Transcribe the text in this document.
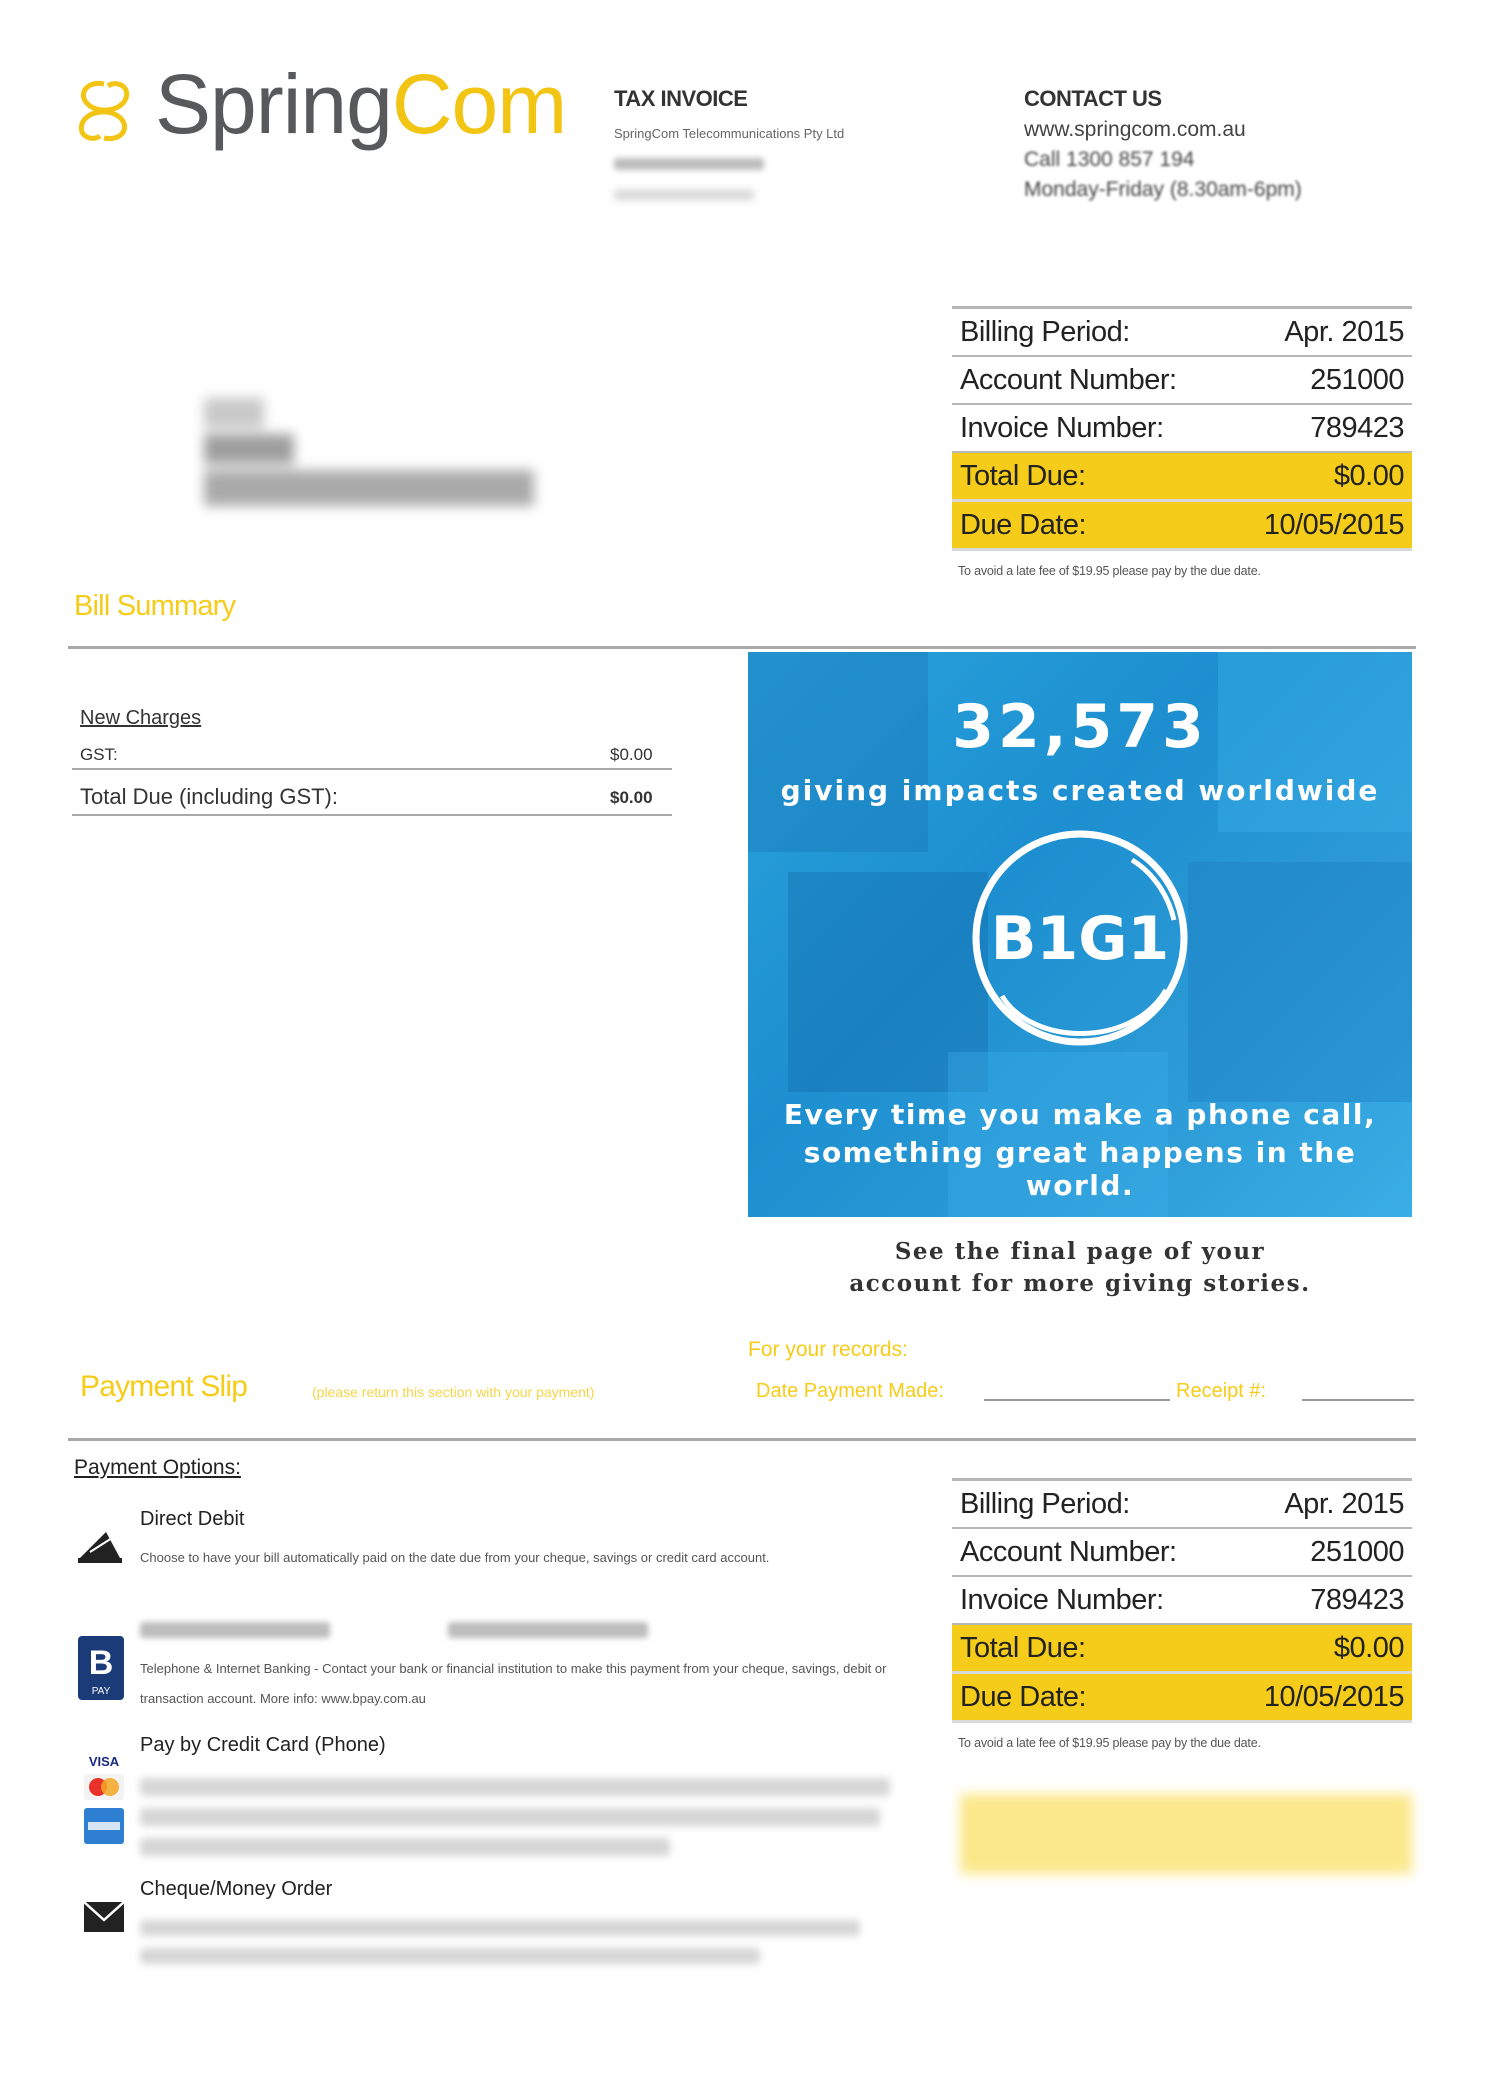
SpringCom TAX INVOICE
SpringCom Telecommunications Pty Ltd
CONTACT US
www.springcom.com.au
Call 1300 857 194
Monday-Friday (8.30am-6pm)
Billing Period:	Apr. 2015
Account Number:	251000
Invoice Number:	789423
Total Due:	$0.00
Due Date:	10/05/2015
To avoid a late fee of $19.95 please pay by the due date.
Bill Summary
New Charges
GST:	$0.00
Total Due (including GST):	$0.00
32,573
giving impacts created worldwide
B1G1
Every time you make a phone call,
something great happens in the world.
See the final page of your
account for more giving stories.
For your records:
Payment Slip	(please return this section with your payment)	Date Payment Made:	Receipt #:
Payment Options:
Direct Debit
Choose to have your bill automatically paid on the date due from your cheque, savings or credit card account.
B
PAY
Telephone & Internet Banking - Contact your bank or financial institution to make this payment from your cheque, savings, debit or transaction account. More info: www.bpay.com.au
VISA
Pay by Credit Card (Phone)
Cheque/Money Order
Billing Period:	Apr. 2015
Account Number:	251000
Invoice Number:	789423
Total Due:	$0.00
Due Date:	10/05/2015
To avoid a late fee of $19.95 please pay by the due date.
